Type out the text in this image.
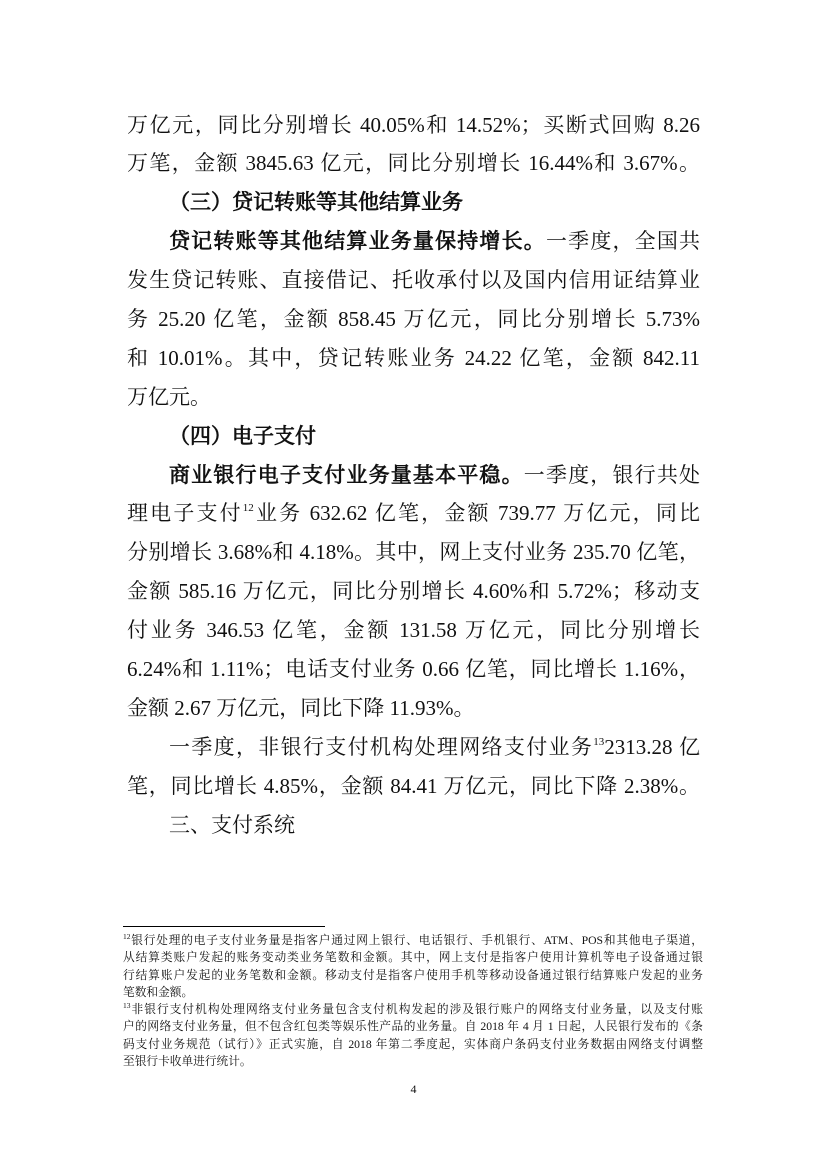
万亿元，同比分别增长 40.05%和 14.52%；买断式回购 8.26
万笔，金额 3845.63 亿元，同比分别增长 16.44%和 3.67%。
（三）贷记转账等其他结算业务
贷记转账等其他结算业务量保持增长。一季度，全国共
发生贷记转账、直接借记、托收承付以及国内信用证结算业
务 25.20 亿笔，金额 858.45 万亿元，同比分别增长 5.73%
和 10.01%。其中，贷记转账业务 24.22 亿笔，金额 842.11
万亿元。
（四）电子支付
商业银行电子支付业务量基本平稳。一季度，银行共处
理电子支付$^{12}$业务 632.62 亿笔，金额 739.77 万亿元，同比
分别增长 3.68%和 4.18%。其中，网上支付业务 235.70 亿笔，
金额 585.16 万亿元，同比分别增长 4.60%和 5.72%；移动支
付业务 346.53 亿笔，金额 131.58 万亿元，同比分别增长
6.24%和 1.11%；电话支付业务 0.66 亿笔，同比增长 1.16%，
金额 2.67 万亿元，同比下降 11.93%。
一季度，非银行支付机构处理网络支付业务$^{13}$2313.28 亿
笔，同比增长 4.85%，金额 84.41 万亿元，同比下降 2.38%。
三、支付系统
$^{12}$银行处理的电子支付业务量是指客户通过网上银行、电话银行、手机银行、ATM、POS和其他电子渠道，
从结算类账户发起的账务变动类业务笔数和金额。其中，网上支付是指客户使用计算机等电子设备通过银
行结算账户发起的业务笔数和金额。移动支付是指客户使用手机等移动设备通过银行结算账户发起的业务
笔数和金额。
$^{13}$非银行支付机构处理网络支付业务量包含支付机构发起的涉及银行账户的网络支付业务量，以及支付账
户的网络支付业务量，但不包含红包类等娱乐性产品的业务量。自 2018 年 4 月 1 日起，人民银行发布的《条
码支付业务规范（试行）》正式实施，自 2018 年第二季度起，实体商户条码支付业务数据由网络支付调整
至银行卡收单进行统计。
4
